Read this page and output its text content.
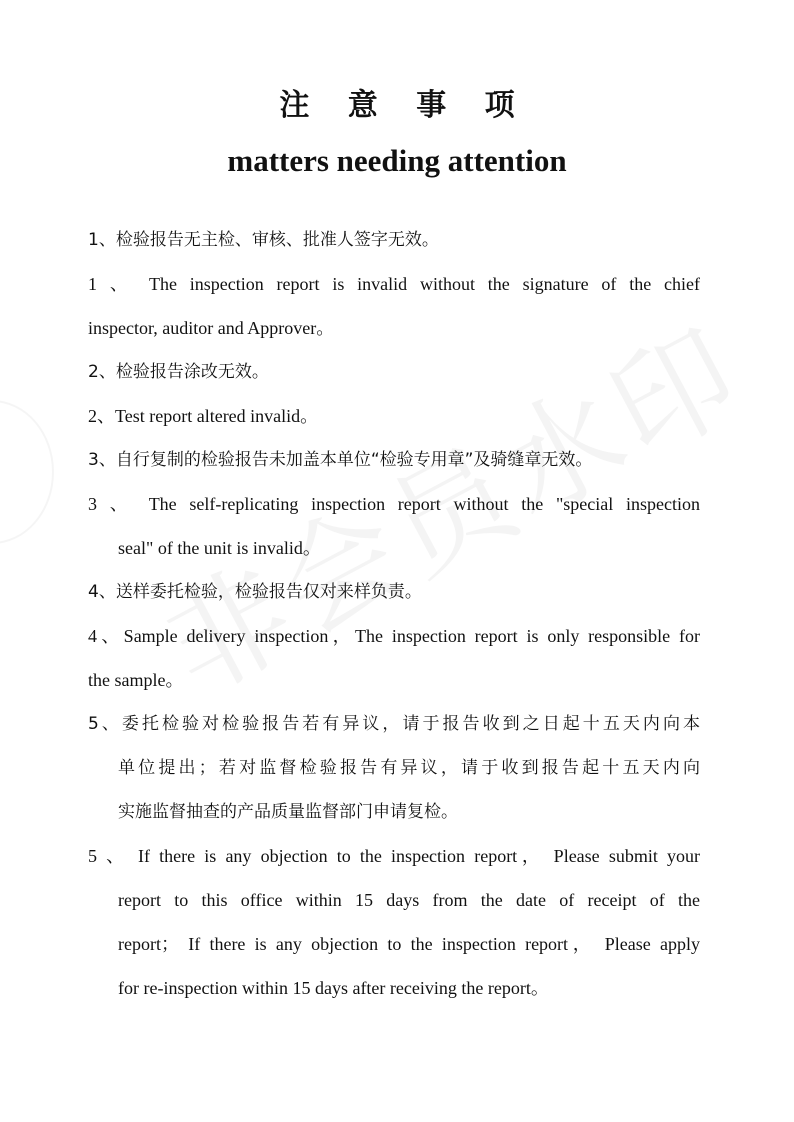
注 意 事 项
matters needing attention
1、检验报告无主检、审核、批准人签字无效。
1 、 The inspection report is invalid without the signature of the chief
inspector, auditor and Approver。
2、检验报告涂改无效。
2、Test report altered invalid。
3、自行复制的检验报告未加盖本单位“检验专用章”及骑缝章无效。
3 、 The self-replicating inspection report without the "special inspection
seal" of the unit is invalid。
4、送样委托检验，检验报告仅对来样负责。
4、Sample delivery inspection，The inspection report is only responsible for
the sample。
5、委托检验对检验报告若有异议，请于报告收到之日起十五天内向本
单位提出；若对监督检验报告有异议，请于收到报告起十五天内向
实施监督抽查的产品质量监督部门申请复检。
5 、 If there is any objection to the inspection report， Please submit your
report to this office within 15 days from the date of receipt of the
report； If there is any objection to the inspection report， Please apply
for re-inspection within 15 days after receiving the report。
